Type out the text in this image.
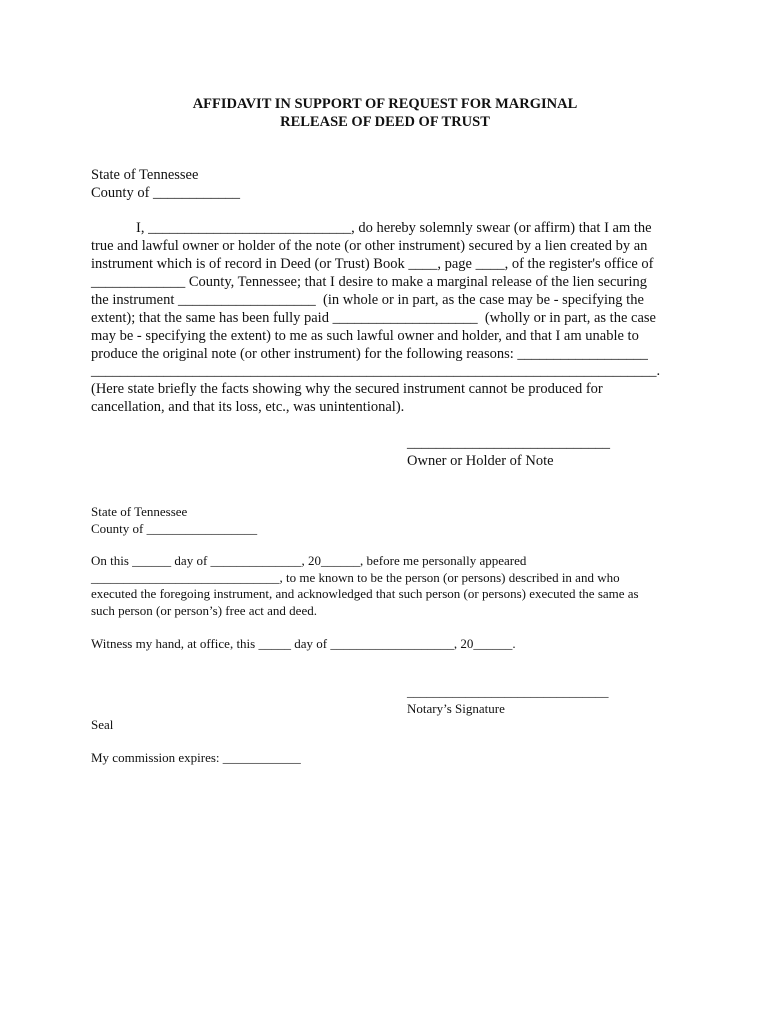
AFFIDAVIT IN SUPPORT OF REQUEST FOR MARGINAL

RELEASE OF DEED OF TRUST

State of Tennessee

County of ____________

I, ____________________________, do hereby solemnly swear (or affirm) that I am the

true and lawful owner or holder of the note (or other instrument) secured by a lien created by an

instrument which is of record in Deed (or Trust) Book ____, page ____, of the register's office of

_____________ County, Tennessee; that I desire to make a marginal release of the lien securing

the instrument ___________________  (in whole or in part, as the case may be - specifying the

extent); that the same has been fully paid ____________________  (wholly or in part, as the case

may be - specifying the extent) to me as such lawful owner and holder, and that I am unable to

produce the original note (or other instrument) for the following reasons: __________________

______________________________________________________________________________.

(Here state briefly the facts showing why the secured instrument cannot be produced for

cancellation, and that its loss, etc., was unintentional).

____________________________

Owner or Holder of Note

State of Tennessee

County of _________________

On this ______ day of ______________, 20______, before me personally appeared

_____________________________, to me known to be the person (or persons) described in and who

executed the foregoing instrument, and acknowledged that such person (or persons) executed the same as

such person (or person’s) free act and deed.

Witness my hand, at office, this _____ day of ___________________, 20______.

_______________________________

Notary’s Signature

Seal

My commission expires: ____________
